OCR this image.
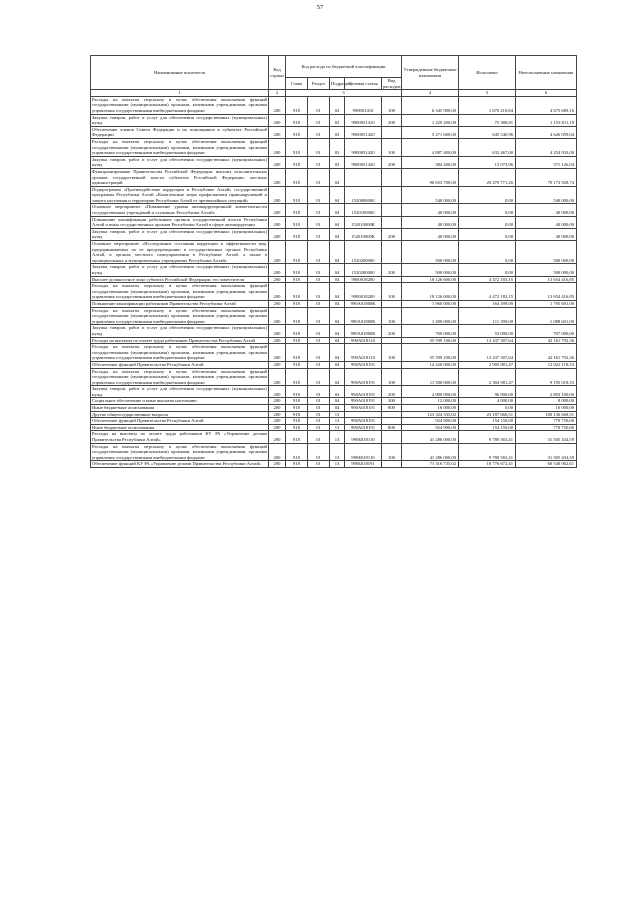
57
Наименование показателя	Код строки	Код расхода по бюджетной классификации					Утвержденные бюджетные назначения	Исполнено	Неисполненные назначения
		Глава	Раздел	Подраздел	Целевая статья	Вид расходов			
1	2	3					4	5	6
Расходы на выплаты персоналу в целях обеспечения выполнения функций государственными (муниципальными) органами, казенными учреждениями, органами управления государственными внебюджетными фондами	200	918	01	02	990001410	100	6 345 900,00	1 670 210,84	4 675 689,16
Закупка товаров, работ и услуг для обеспечения государственных (муниципальных) нужд	200	918	01	02	9900051410	200	1 229 200,00	75 388,81	1 153 811,19
Обеспечение членов Совета Федерации и их помощников в субъектах Российской Федерации	200	918	01	03	9900051420		5 271 600,00	645 540,96	4 626 059,04
Расходы на выплаты персоналу в целях обеспечения выполнения функций государственными (муниципальными) органами, казенными учреждениями, органами управления государственными внебюджетными фондами	200	918	01	03	9900051420	100	4 887 400,00	632 467,00	4 254 933,00
Закупка товаров, работ и услуг для обеспечения государственных (муниципальных) нужд	200	918	01	03	9900051420	200	384 200,00	13 073,96	371 126,04
Функционирование Правительства Российской Федерации, высших исполнительных органов государственной власти субъектов Российской Федерации, местных администраций	200	918	01	04			90 653 700,00	20 479 771,26	70 173 928,74
Подпрограмма «Противодействие коррупции в Республике Алтай» государственной программы Республики Алтай «Комплексные меры профилактики правонарушений и защита населения и территории Республики Алтай от чрезвычайных ситуаций»	200	918	01	04	1520000000		540 000,00	0,00	540 000,00
Основное мероприятие «Повышение уровня антикоррупционной компетентности государственных учреждений и служащих Республики Алтай»	200	918	01	04	1520100000		40 000,00	0,00	40 000,00
Повышение квалификации работников органов государственной власти Республики Алтай и иных государственных органов Республики Алтай в сфере антикоррупции	200	918	01	04	152010000К		40 000,00	0,00	40 000,00
Закупка товаров, работ и услуг для обеспечения государственных (муниципальных) нужд	200	918	01	04	152010000К	200	40 000,00	0,00	40 000,00
Основное мероприятие «Исследование состояния коррупции и эффективности мер, предпринимаемых по ее предупреждению в государственных органах Республики Алтай, в органах местного самоуправления в Республике Алтай, а также в муниципальных и муниципальных учреждениях Республики Алтай»	200	918	01	04	1520200000		500 000,00	0,00	500 000,00
Закупка товаров, работ и услуг для обеспечения государственных (муниципальных) нужд	200	918	01	04	1520200000	200	500 000,00	0,00	500 000,00
Высшее должностное лицо субъекта Российской Федерации, его заместители	200	918	01	04	9900018200		18 126 600,00	4 472 183,15	13 654 416,85
Расходы на выплаты персоналу в целях обеспечения выполнения функций государственными (муниципальными) органами, казенными учреждениями, органами управления государственными внебюджетными фондами	200	918	01	04	9900018200	100	18 126 600,00	4 472 183,15	13 654 416,85
Повышение квалификации работников Правительства Республики Алтай	200	918	01	04	990А01800К		1 960 000,00	164 399,00	1 795 601,00
Расходы на выплаты персоналу в целях обеспечения выполнения функций государственными (муниципальными) органами, казенными учреждениями, органами управления государственными внебюджетными фондами	200	918	01	04	990А01800К	100	1 200 000,00	111 399,00	1 088 601,00
Закупка товаров, работ и услуг для обеспечения государственных (муниципальных) нужд	200	918	01	04	990А01800К	200	760 000,00	53 000,00	707 000,00
Расходы на выплаты по оплате труда работников Правительства Республики Алтай	200	918	01	04	990А018110		55 599 100,00	13 437 307,64	42 161 792,36
Расходы на выплаты персоналу в целях обеспечения выполнения функций государственными (муниципальными) органами, казенными учреждениями, органами управления государственными внебюджетными фондами	200	918	01	04	990А018110	100	55 599 100,00	13 437 307,64	42 161 792,36
Обеспечение функций Правительства Республики Алтай	200	918	01	04	990А018191		14 428 000,00	2 905 881,47	12 022 118,53
Расходы на выплаты персоналу в целях обеспечения выполнения функций государственными (муниципальными) органами, казенными учреждениями, органами управления государственными внебюджетными фондами	200	918	01	04	990А018191	100	11 500 000,00	2 304 981,47	9 195 018,53
Закупка товаров, работ и услуг для обеспечения государственных (муниципальных) нужд	200	918	01	04	990А018191	200	2 900 000,00	96 900,00	2 803 100,00
Социальное обеспечение и иные выплаты населению	200	918	01	04	990А018191	300	12 000,00	4 000,00	8 000,00
Иные бюджетные ассигнования	200	918	01	04	990А018191	800	16 000,00	0,00	16 000,00
Другие общегосударственные вопросы	200	918	01	13			123 324 335,02	23 187 666,51	100 136 668,51
Обеспечение функций Правительства Республики Алтай	200	918	01	13	990А018191		924 900,00	154 150,00	770 750,00
Иные бюджетные ассигнования	200	918	01	13	990А018191	800	924 900,00	154 150,00	770 750,00
Расходы на выплаты по оплате труда работников КУ РА «Управление делами Правительства Республики Алтай»	200	918	01	13	990Б018110		41 286 000,00	9 780 565,41	31 505 434,59
Расходы на выплаты персоналу в целях обеспечения выполнения функций государственными (муниципальными) органами, казенными учреждениями, органами управления государственными внебюджетными фондами	200	918	01	13	990Б018110	100	41 286 000,00	9 780 565,41	31 505 434,59
Обеспечение функций КУ РА «Управление делами Правительства Республики Алтай»	200	918	01	13	990Б018191		71 316 735,02	10 776 672,41	60 540 062,61
